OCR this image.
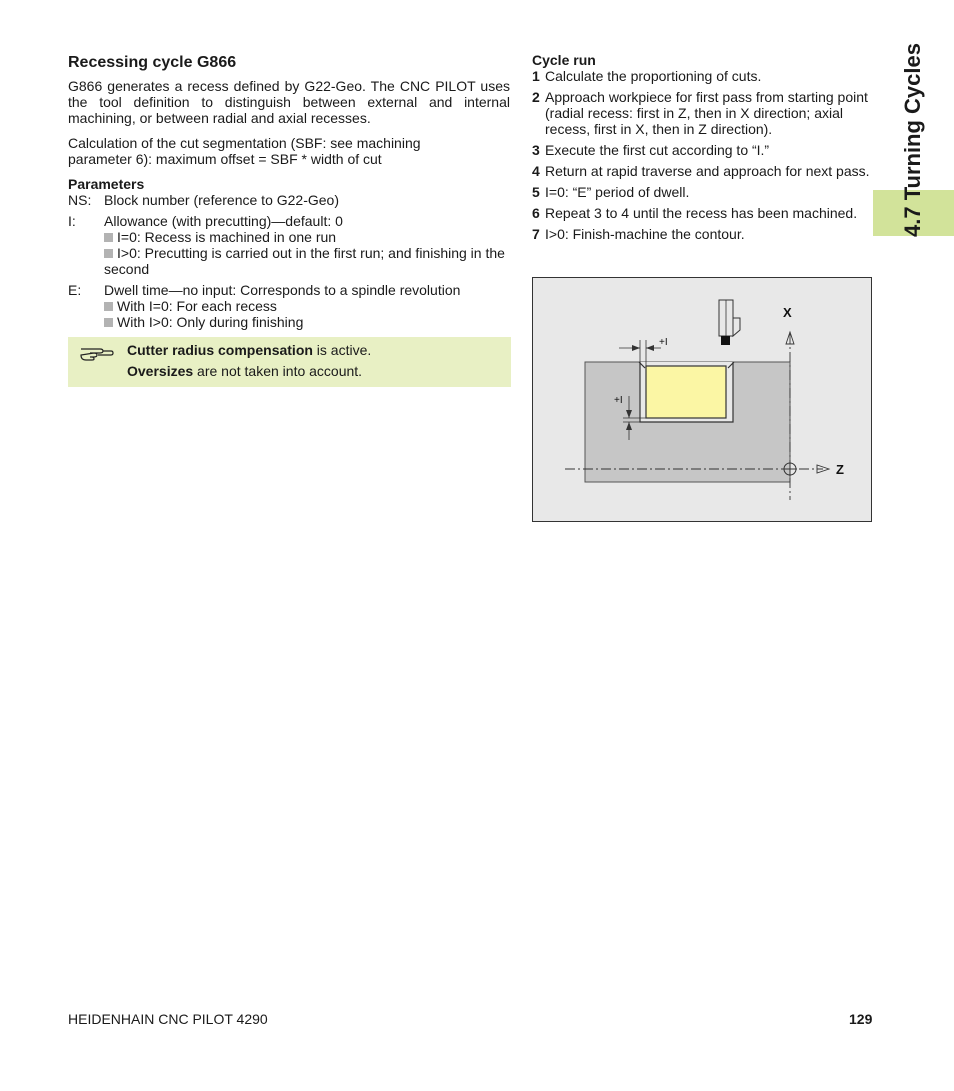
4.7 Turning Cycles
Recessing cycle G866
G866 generates a recess defined by G22-Geo. The CNC PILOT uses the tool definition to distinguish between external and internal machining, or between radial and axial recesses.
Calculation of the cut segmentation (SBF: see machining parameter 6): maximum offset = SBF * width of cut
Parameters
NS: Block number (reference to G22-Geo)
I:	Allowance (with precutting)—default: 0
I=0: Recess is machined in one run
I>0: Precutting is carried out in the first run; and finishing in the second
E:	Dwell time—no input: Corresponds to a spindle revolution
With I=0: For each recess
With I>0: Only during finishing
Cutter radius compensation is active.
Oversizes are not taken into account.
Cycle run
1 Calculate the proportioning of cuts.
2 Approach workpiece for first pass from starting point (radial recess: first in Z, then in X direction; axial recess, first in X, then in Z direction).
3 Execute the first cut according to “I.”
4 Return at rapid traverse and approach for next pass.
5 I=0: “E” period of dwell.
6 Repeat 3 to 4 until the recess has been machined.
7 I>0: Finish-machine the contour.
X
Z
+I
+I
HEIDENHAIN CNC PILOT 4290	129
